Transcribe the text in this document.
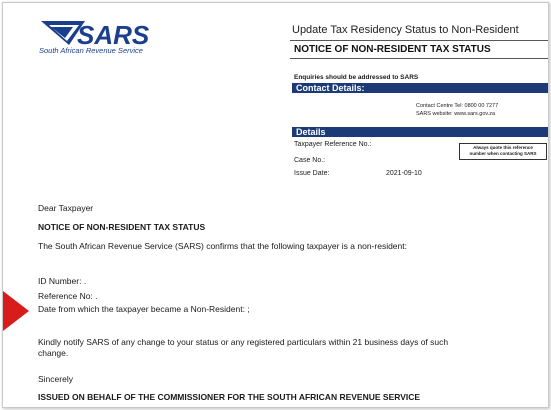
SARS
South African Revenue Service
Update Tax Residency Status to Non-Resident
NOTICE OF NON-RESIDENT TAX STATUS
Enquiries should be addressed to SARS
Contact Details:
Contact Centre Tel: 0800 00 7277
SARS website: www.sars.gov.za
Details
Taxpayer Reference No.:
Case No.:
Issue Date:	2021-09-10
Always quote this reference
number when contacting SARS
Dear Taxpayer
NOTICE OF NON-RESIDENT TAX STATUS
The South African Revenue Service (SARS) confirms that the following taxpayer is a non-resident:
ID Number: .
Reference No: .
Date from which the taxpayer became a Non-Resident: ;
Kindly notify SARS of any change to your status or any registered particulars within 21 business days of such
change.
Sincerely
ISSUED ON BEHALF OF THE COMMISSIONER FOR THE SOUTH AFRICAN REVENUE SERVICE
